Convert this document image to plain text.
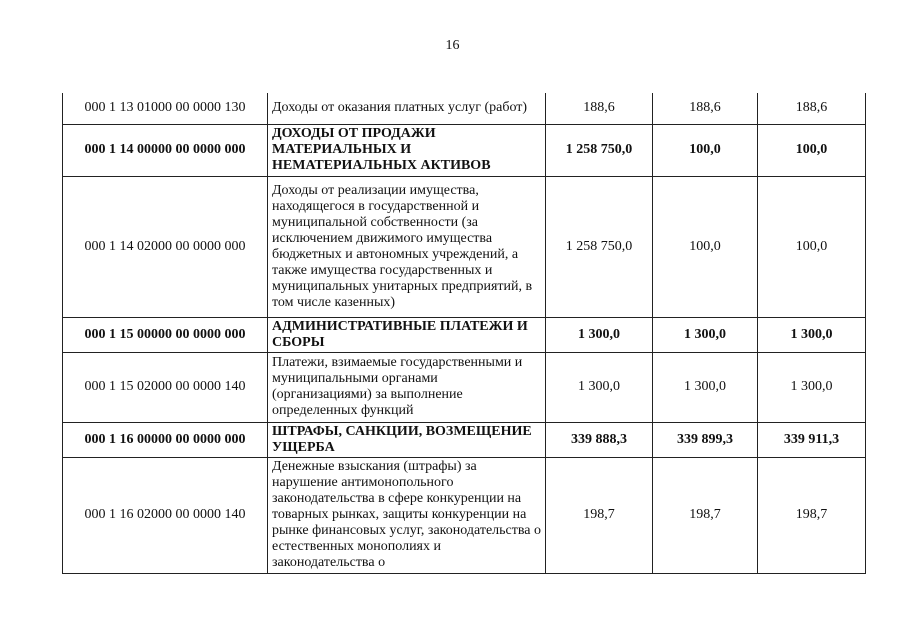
16
000 1 13 01000 00 0000 130	Доходы от оказания платных услуг (работ)	188,6	188,6	188,6
000 1 14 00000 00 0000 000	ДОХОДЫ ОТ ПРОДАЖИ МАТЕРИАЛЬНЫХ И НЕМАТЕРИАЛЬНЫХ АКТИВОВ	1 258 750,0	100,0	100,0
000 1 14 02000 00 0000 000	Доходы от реализации имущества, находящегося в государственной и муниципальной собственности (за исключением движимого имущества бюджетных и автономных учреждений, а также имущества государственных и муниципальных унитарных предприятий, в том числе казенных)	1 258 750,0	100,0	100,0
000 1 15 00000 00 0000 000	АДМИНИСТРАТИВНЫЕ ПЛАТЕЖИ И СБОРЫ	1 300,0	1 300,0	1 300,0
000 1 15 02000 00 0000 140	Платежи, взимаемые государственными и муниципальными органами (организациями) за выполнение определенных функций	1 300,0	1 300,0	1 300,0
000 1 16 00000 00 0000 000	ШТРАФЫ, САНКЦИИ, ВОЗМЕЩЕНИЕ УЩЕРБА	339 888,3	339 899,3	339 911,3
000 1 16 02000 00 0000 140	Денежные взыскания (штрафы) за нарушение антимонопольного законодательства в сфере конкуренции на товарных рынках, защиты конкуренции на рынке финансовых услуг, законодательства о естественных монополиях и законодательства о	198,7	198,7	198,7
